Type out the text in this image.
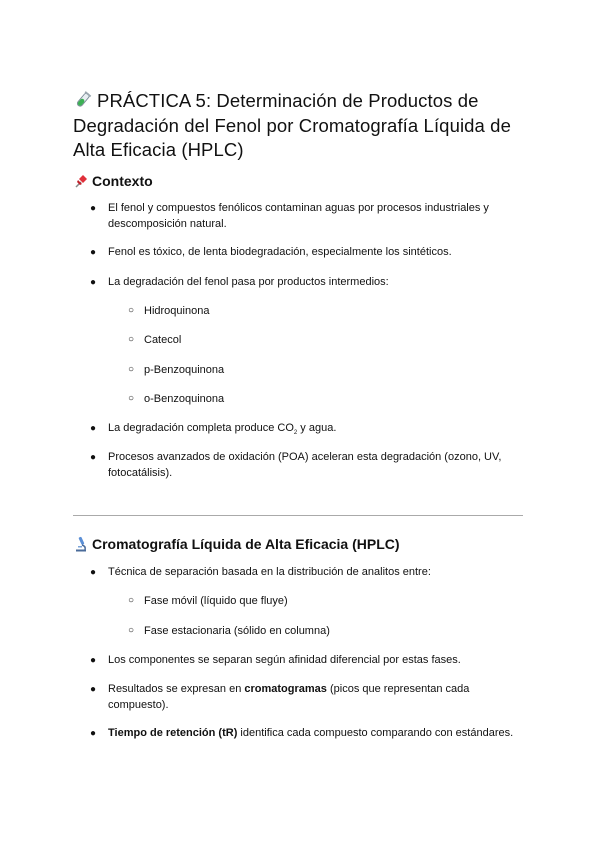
PRÁCTICA 5: Determinación de Productos de Degradación del Fenol por Cromatografía Líquida de Alta Eficacia (HPLC)
Contexto
● El fenol y compuestos fenólicos contaminan aguas por procesos industriales y descomposición natural.
● Fenol es tóxico, de lenta biodegradación, especialmente los sintéticos.
● La degradación del fenol pasa por productos intermedios:
○ Hidroquinona
○ Catecol
○ p-Benzoquinona
○ o-Benzoquinona
● La degradación completa produce $CO_2$ y agua.
● Procesos avanzados de oxidación (POA) aceleran esta degradación (ozono, UV, fotocatálisis).
Cromatografía Líquida de Alta Eficacia (HPLC)
● Técnica de separación basada en la distribución de analitos entre:
○ Fase móvil (líquido que fluye)
○ Fase estacionaria (sólido en columna)
● Los componentes se separan según afinidad diferencial por estas fases.
● Resultados se expresan en cromatogramas (picos que representan cada compuesto).
● Tiempo de retención (tR) identifica cada compuesto comparando con estándares.
